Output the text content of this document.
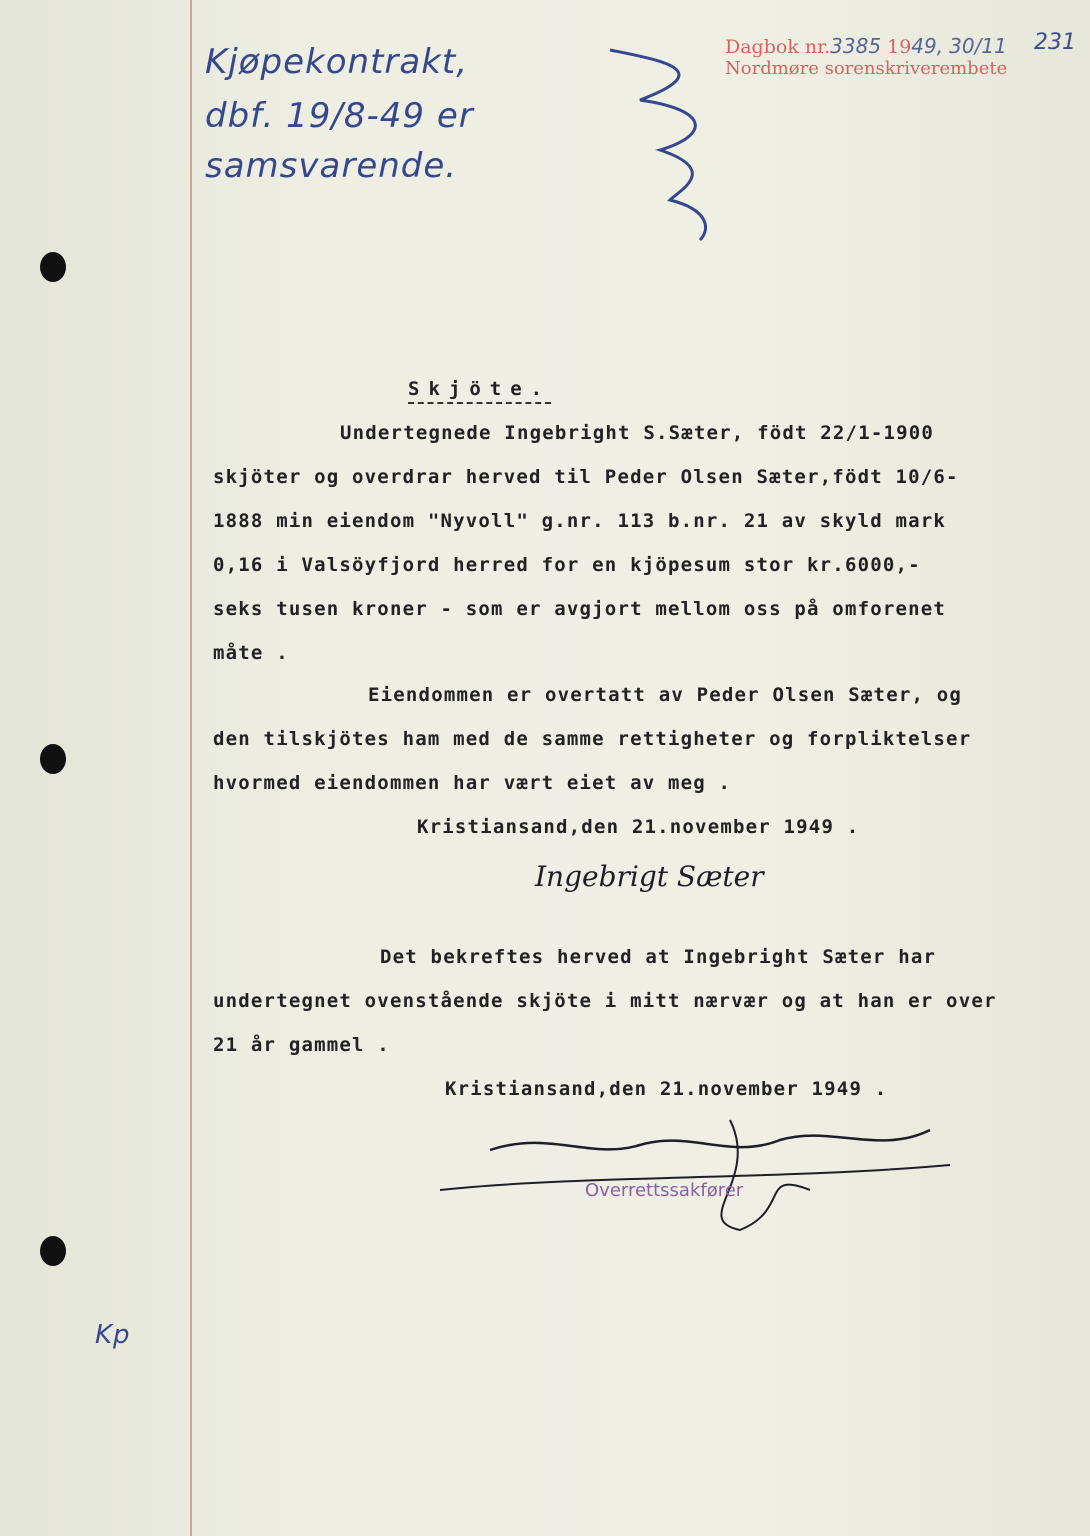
Dagbok nr.3385 1949, 30/11
Nordmøre sorenskriverembete
231
Kjøpekontrakt,
dbf. 19/8-49 er
samsvarende.
Skjöte.
Undertegnede Ingebright S.Sæter, födt 22/1-1900
skjöter og overdrar herved til Peder Olsen Sæter,födt 10/6-
1888 min eiendom "Nyvoll" g.nr. 113 b.nr. 21 av skyld mark
0,16 i Valsöyfjord herred for en kjöpesum stor kr.6000,-
seks tusen kroner - som er avgjort mellom oss på omforenet
måte .
Eiendommen er overtatt av Peder Olsen Sæter, og
den tilskjötes ham med de samme rettigheter og forpliktelser
hvormed eiendommen har vært eiet av meg .
Kristiansand,den 21.november 1949 .
Ingebrigt Sæter
Det bekreftes herved at Ingebright Sæter har
undertegnet ovenstående skjöte i mitt nærvær og at han er over
21 år gammel .
Kristiansand,den 21.november 1949 .
Overrettssakfører
Kp
